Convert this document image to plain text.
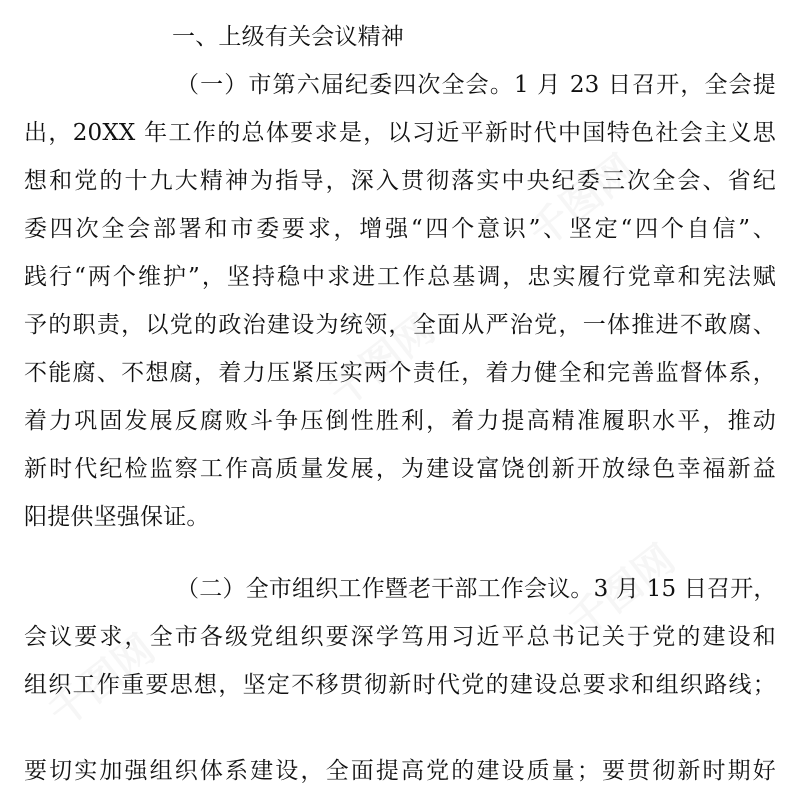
千图网
千图网
千图网
千图网
一、上级有关会议精神
（一）市第六届纪委四次全会。1 月 23 日召开，全会提
出，20XX 年工作的总体要求是，以习近平新时代中国特色社会主义思
想和党的十九大精神为指导，深入贯彻落实中央纪委三次全会、省纪
委四次全会部署和市委要求，增强“四个意识”、坚定“四个自信”、
践行“两个维护”，坚持稳中求进工作总基调，忠实履行党章和宪法赋
予的职责，以党的政治建设为统领，全面从严治党，一体推进不敢腐、
不能腐、不想腐，着力压紧压实两个责任，着力健全和完善监督体系，
着力巩固发展反腐败斗争压倒性胜利，着力提高精准履职水平，推动
新时代纪检监察工作高质量发展，为建设富饶创新开放绿色幸福新益
阳提供坚强保证。
（二）全市组织工作暨老干部工作会议。3 月 15 日召开，
会议要求，全市各级党组织要深学笃用习近平总书记关于党的建设和
组织工作重要思想，坚定不移贯彻新时代党的建设总要求和组织路线；
要切实加强组织体系建设，全面提高党的建设质量；要贯彻新时期好
